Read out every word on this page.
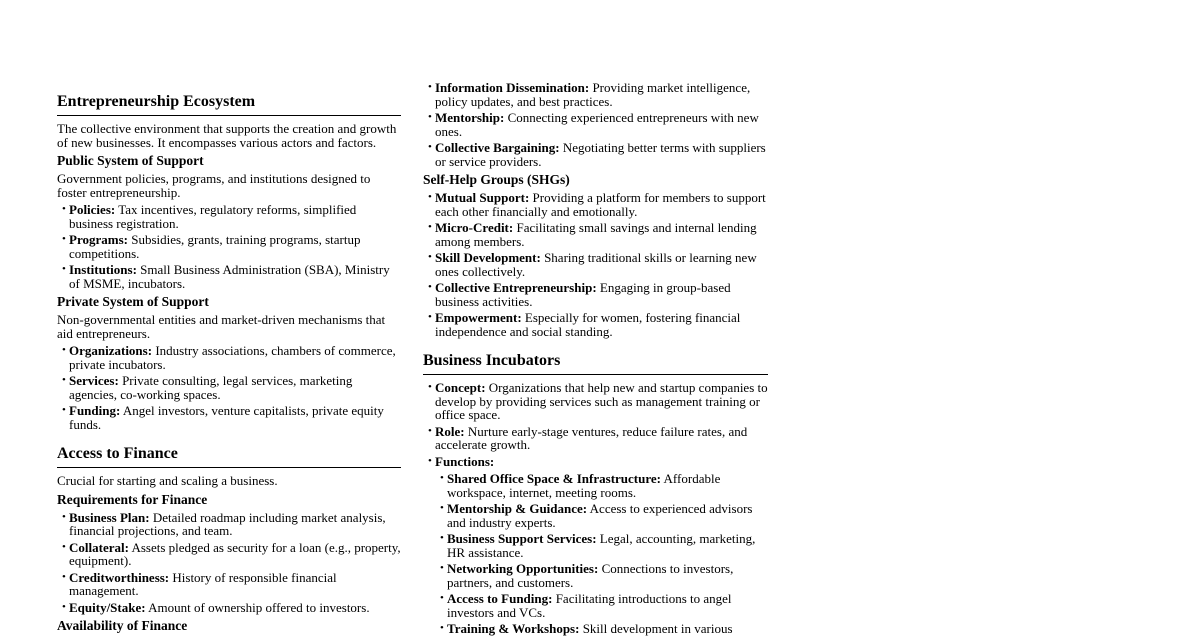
Entrepreneurship Ecosystem

The collective environment that supports the creation and growth of new businesses. It encompasses various actors and factors.

Public System of Support

Government policies, programs, and institutions designed to foster entrepreneurship.

• Policies: Tax incentives, regulatory reforms, simplified business registration.
• Programs: Subsidies, grants, training programs, startup competitions.
• Institutions: Small Business Administration (SBA), Ministry of MSME, incubators.
Private System of Support

Non-governmental entities and market-driven mechanisms that aid entrepreneurs.

• Organizations: Industry associations, chambers of commerce, private incubators.
• Services: Private consulting, legal services, marketing agencies, co-working spaces.
• Funding: Angel investors, venture capitalists, private equity funds.
Access to Finance

Crucial for starting and scaling a business.

Requirements for Finance
• Business Plan: Detailed roadmap including market analysis, financial projections, and team.
• Collateral: Assets pledged as security for a loan (e.g., property, equipment).
• Creditworthiness: History of responsible financial management.
• Equity/Stake: Amount of ownership offered to investors.
Availability of Finance
• Information Dissemination: Providing market intelligence, policy updates, and best practices.
• Mentorship: Connecting experienced entrepreneurs with new ones.
• Collective Bargaining: Negotiating better terms with suppliers or service providers.
Self-Help Groups (SHGs)
• Mutual Support: Providing a platform for members to support each other financially and emotionally.
• Micro-Credit: Facilitating small savings and internal lending among members.
• Skill Development: Sharing traditional skills or learning new ones collectively.
• Collective Entrepreneurship: Engaging in group-based business activities.
• Empowerment: Especially for women, fostering financial independence and social standing.
Business Incubators
• Concept: Organizations that help new and startup companies to develop by providing services such as management training or office space.
• Role: Nurture early-stage ventures, reduce failure rates, and accelerate growth.
• Functions:
• Shared Office Space & Infrastructure: Affordable workspace, internet, meeting rooms.
• Mentorship & Guidance: Access to experienced advisors and industry experts.
• Business Support Services: Legal, accounting, marketing, HR assistance.
• Networking Opportunities: Connections to investors, partners, and customers.
• Access to Funding: Facilitating introductions to angel investors and VCs.
• Training & Workshops: Skill development in various
